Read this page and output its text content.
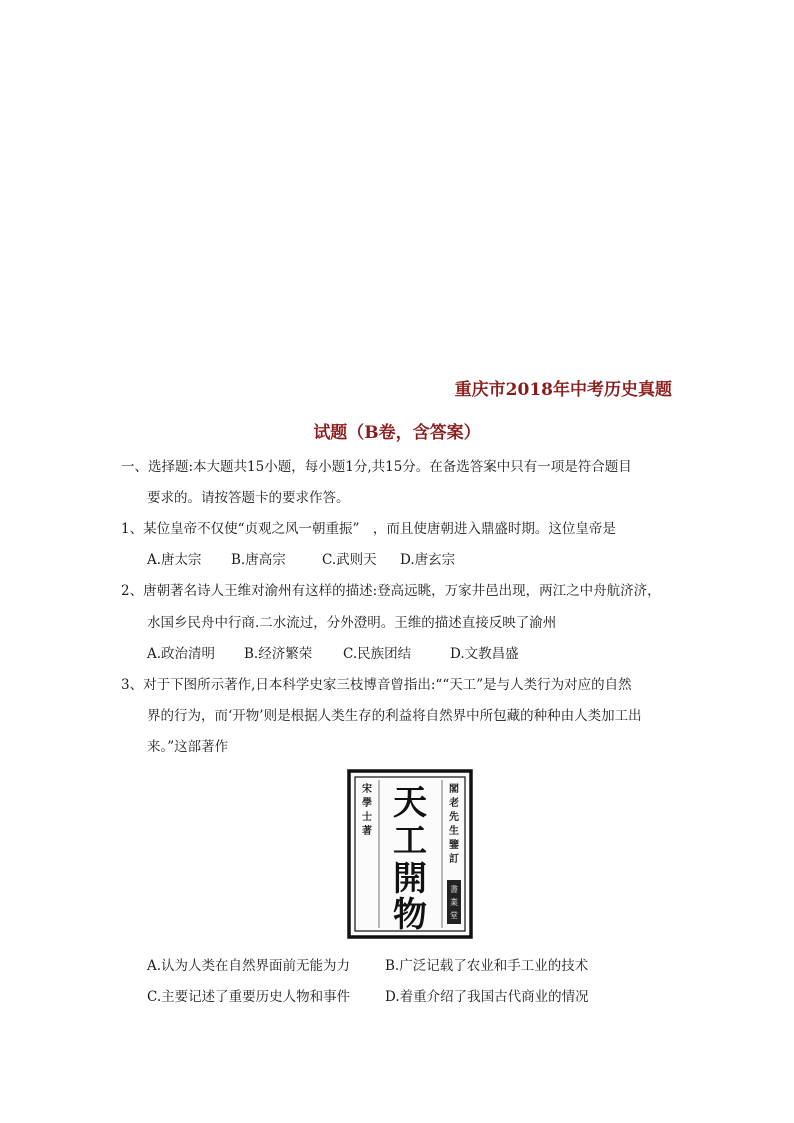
重庆市2018年中考历史真题
试题（B卷，含答案）
一、选择题:本大题共15小题，每小题1分,共15分。在备选答案中只有一项是符合题目
要求的。请按答题卡的要求作答。
1、某位皇帝不仅使“贞观之风一朝重振”　，而且使唐朝进入鼎盛时期。这位皇帝是
A.唐太宗 B.唐高宗	C.武则天 D.唐玄宗
2、唐朝著名诗人王维对渝州有这样的描述:登高远眺，万家井邑出现，两江之中舟航济济，
水国乡民舟中行商.二水流过，分外澄明。王维的描述直接反映了渝州
A.政治清明 B.经济繁荣 C.民族团结	D.文教昌盛
3、对于下图所示著作,日本科学史家三枝博音曾指出:““天工”是与人类行为对应的自然
界的行为，而‘开物’则是根据人类生存的利益将自然界中所包藏的种种由人类加工出
来。”这部著作
天
工
開
物
宋
學
士
著
閣
老
先
生
鑒
訂
書
業
堂
A.认为人类在自然界面前无能为力	B.广泛记载了农业和手工业的技术
C.主要记述了重要历史人物和事件	D.着重介绍了我国古代商业的情况
